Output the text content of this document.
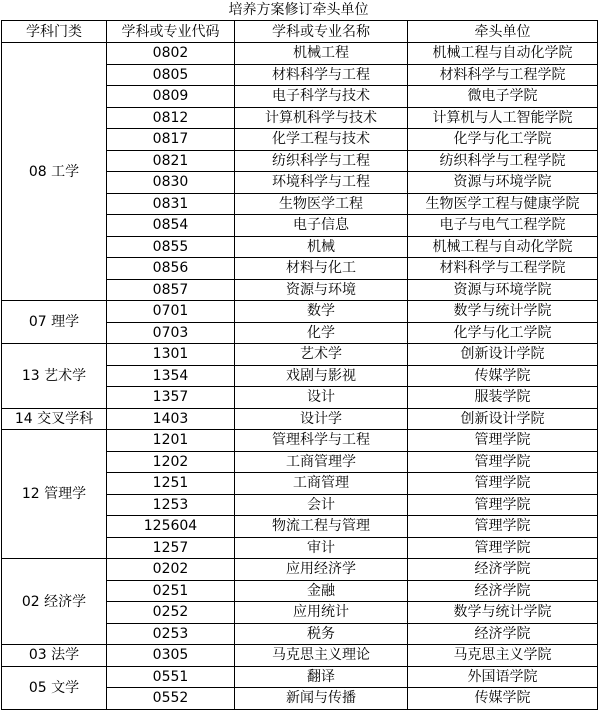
培养方案修订牵头单位
学科门类	学科或专业代码	学科或专业名称	牵头单位
08 工学	0802	机械工程	机械工程与自动化学院
	0805	材料科学与工程	材料科学与工程学院
	0809	电子科学与技术	微电子学院
	0812	计算机科学与技术	计算机与人工智能学院
	0817	化学工程与技术	化学与化工学院
	0821	纺织科学与工程	纺织科学与工程学院
	0830	环境科学与工程	资源与环境学院
	0831	生物医学工程	生物医学工程与健康学院
	0854	电子信息	电子与电气工程学院
	0855	机械	机械工程与自动化学院
	0856	材料与化工	材料科学与工程学院
	0857	资源与环境	资源与环境学院
07 理学	0701	数学	数学与统计学院
	0703	化学	化学与化工学院
13 艺术学	1301	艺术学	创新设计学院
	1354	戏剧与影视	传媒学院
	1357	设计	服装学院
14 交叉学科	1403	设计学	创新设计学院
12 管理学	1201	管理科学与工程	管理学院
	1202	工商管理学	管理学院
	1251	工商管理	管理学院
	1253	会计	管理学院
	125604	物流工程与管理	管理学院
	1257	审计	管理学院
02 经济学	0202	应用经济学	经济学院
	0251	金融	经济学院
	0252	应用统计	数学与统计学院
	0253	税务	经济学院
03 法学	0305	马克思主义理论	马克思主义学院
05 文学	0551	翻译	外国语学院
	0552	新闻与传播	传媒学院
